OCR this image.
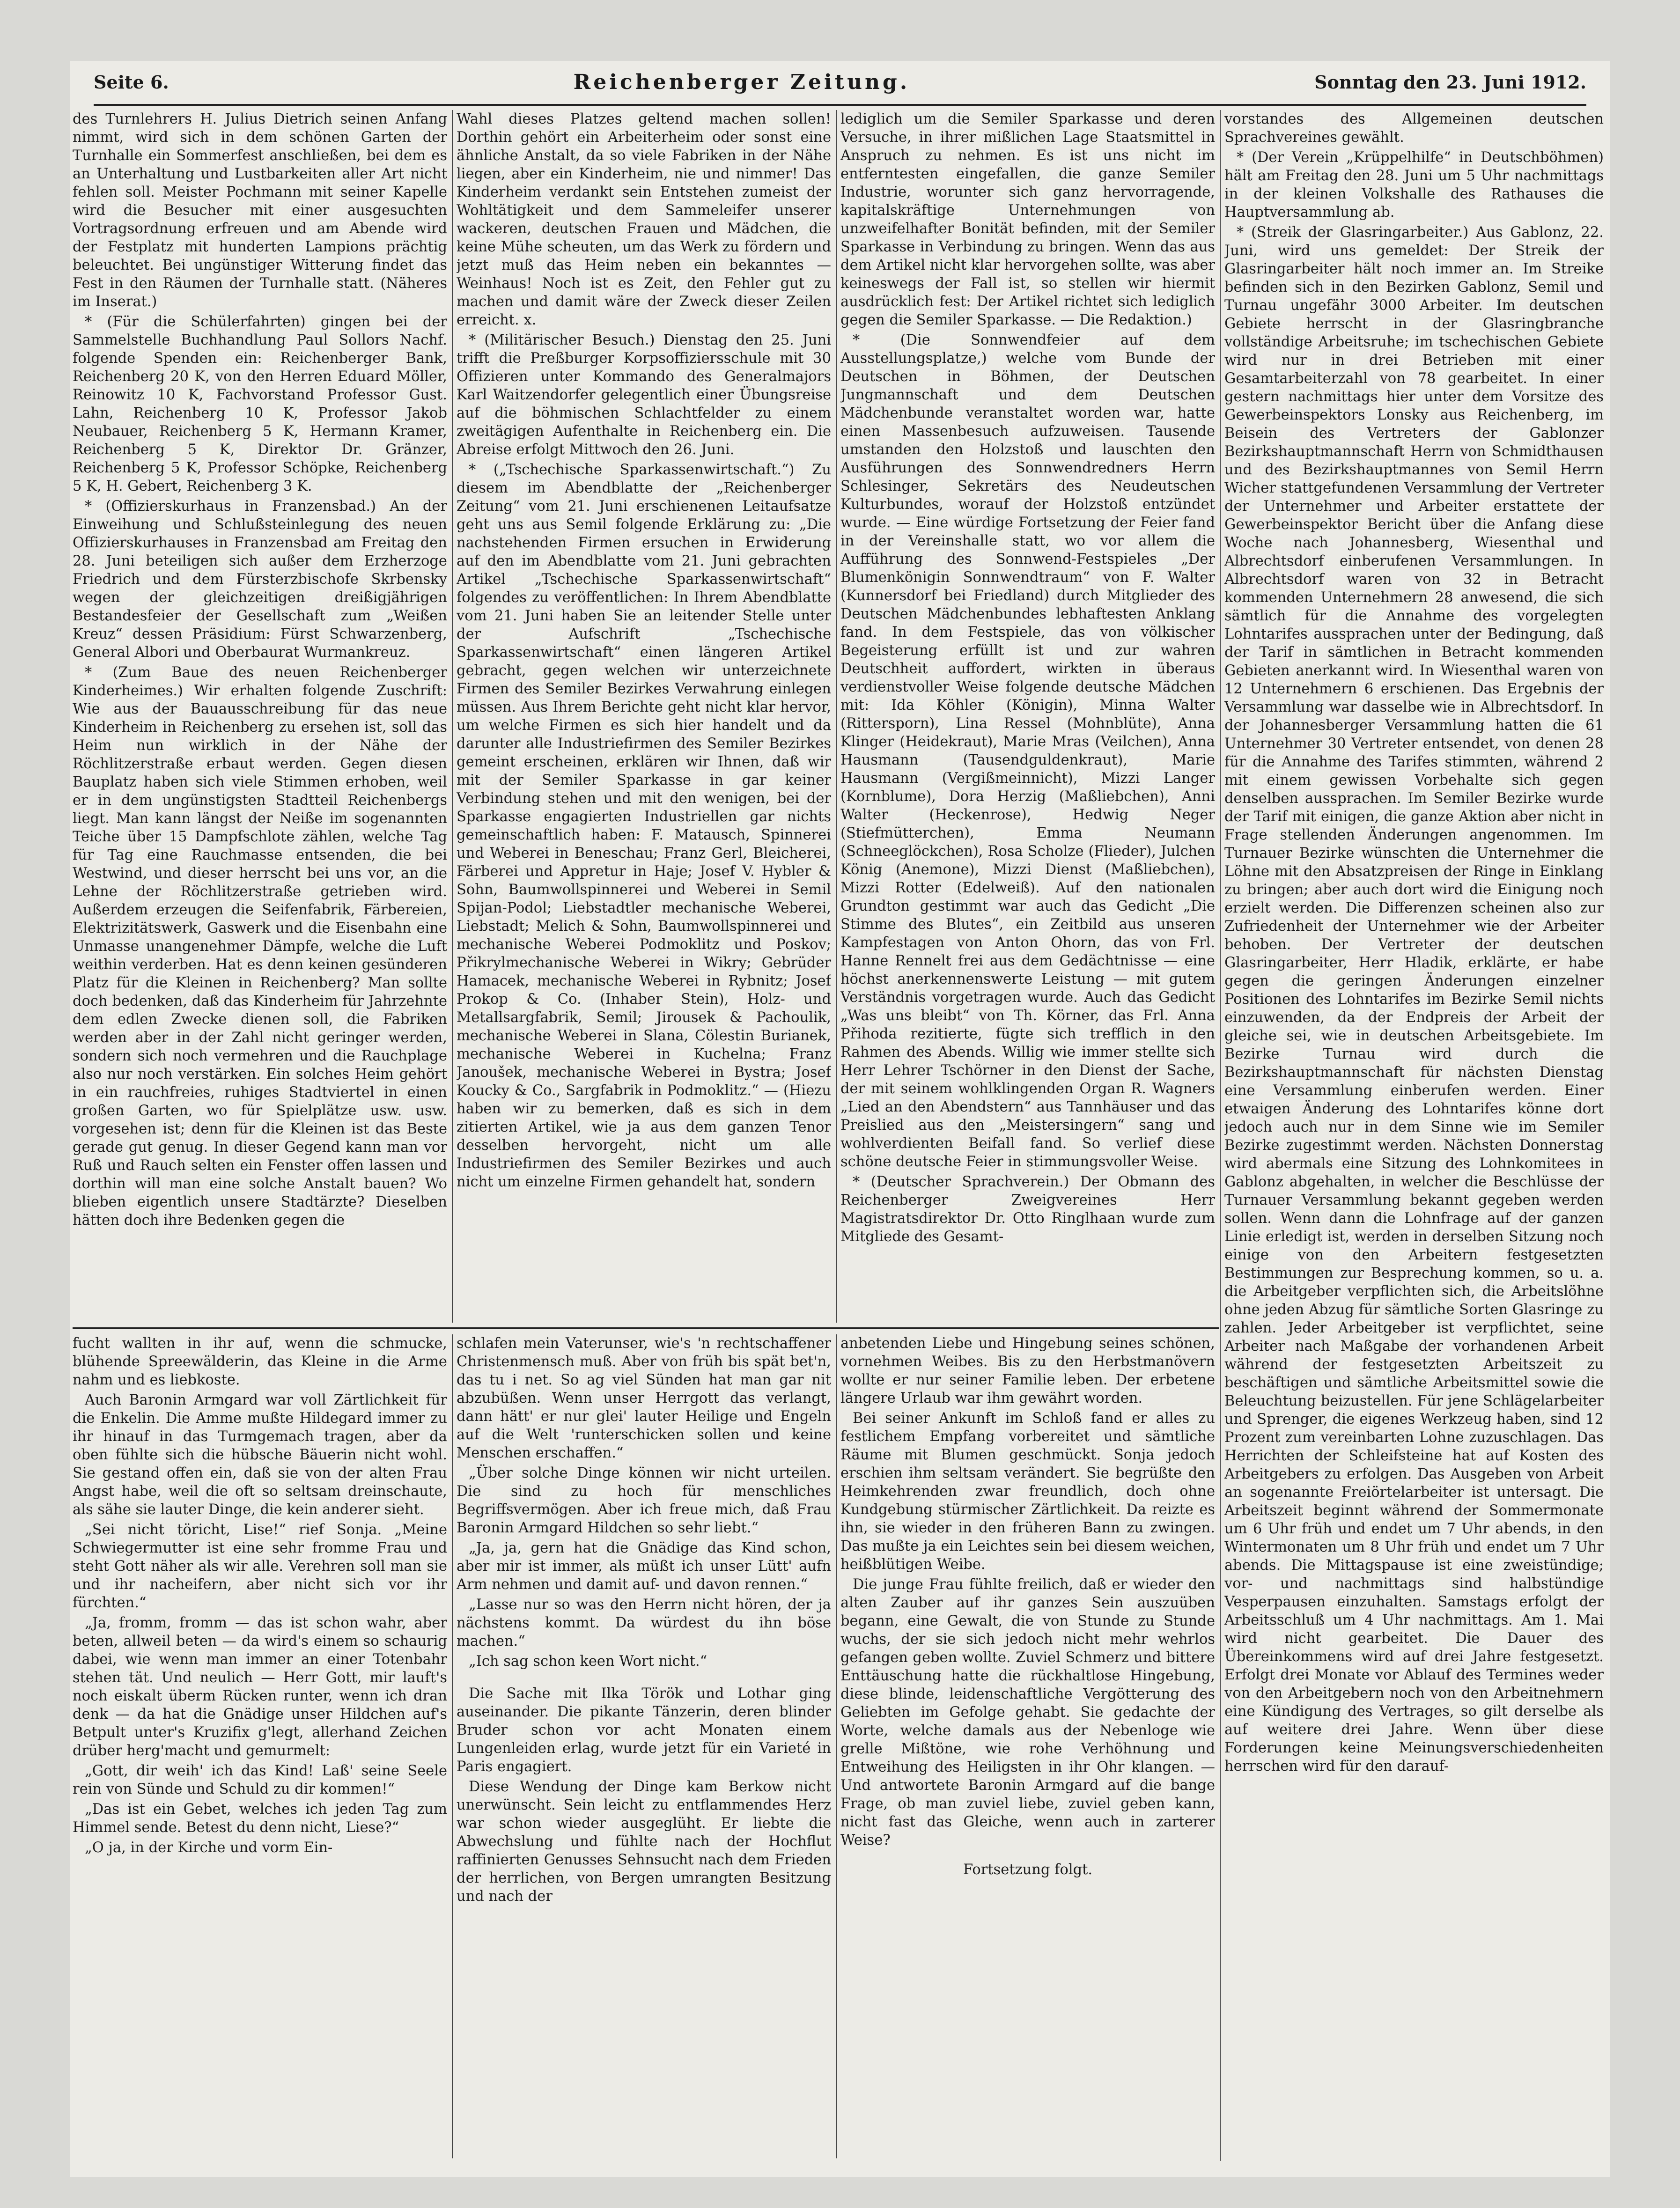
Seite 6.	Reichenberger Zeitung.	Sonntag den 23. Juni 1912.

des Turnlehrers H. Julius Dietrich seinen Anfang nimmt, wird sich in dem schönen Garten der Turnhalle ein Sommerfest anschließen, bei dem es an Unterhaltung und Lustbarkeiten aller Art nicht fehlen soll. Meister Pochmann mit seiner Kapelle wird die Besucher mit einer ausgesuchten Vortragsordnung erfreuen und am Abende wird der Festplatz mit hunderten Lampions prächtig beleuchtet. Bei ungünstiger Witterung findet das Fest in den Räumen der Turnhalle statt. (Näheres im Inserat.)

* (Für die Schülerfahrten) gingen bei der Sammelstelle Buchhandlung Paul Sollors Nachf. folgende Spenden ein: Reichenberger Bank, Reichenberg 20 K, von den Herren Eduard Möller, Reinowitz 10 K, Fachvorstand Professor Gust. Lahn, Reichenberg 10 K, Professor Jakob Neubauer, Reichenberg 5 K, Hermann Kramer, Reichenberg 5 K, Direktor Dr. Gränzer, Reichenberg 5 K, Professor Schöpke, Reichenberg 5 K, H. Gebert, Reichenberg 3 K.

* (Offizierskurhaus in Franzensbad.) An der Einweihung und Schlußsteinlegung des neuen Offizierskurhauses in Franzensbad am Freitag den 28. Juni beteiligen sich außer dem Erzherzoge Friedrich und dem Fürsterzbischofe Skrbensky wegen der gleichzeitigen dreißigjährigen Bestandesfeier der Gesellschaft zum „Weißen Kreuz“ dessen Präsidium: Fürst Schwarzenberg, General Albori und Oberbaurat Wurmankreuz.

* (Zum Baue des neuen Reichenberger Kinderheimes.) Wir erhalten folgende Zuschrift: Wie aus der Bauausschreibung für das neue Kinderheim in Reichenberg zu ersehen ist, soll das Heim nun wirklich in der Nähe der Röchlitzerstraße erbaut werden. Gegen diesen Bauplatz haben sich viele Stimmen erhoben, weil er in dem ungünstigsten Stadtteil Reichenbergs liegt. Man kann längst der Neiße im sogenannten Teiche über 15 Dampfschlote zählen, welche Tag für Tag eine Rauchmasse entsenden, die bei Westwind, und dieser herrscht bei uns vor, an die Lehne der Röchlitzerstraße getrieben wird. Außerdem erzeugen die Seifenfabrik, Färbereien, Elektrizitätswerk, Gaswerk und die Eisenbahn eine Unmasse unangenehmer Dämpfe, welche die Luft weithin verderben. Hat es denn keinen gesünderen Platz für die Kleinen in Reichenberg? Man sollte doch bedenken, daß das Kinderheim für Jahrzehnte dem edlen Zwecke dienen soll, die Fabriken werden aber in der Zahl nicht geringer werden, sondern sich noch vermehren und die Rauchplage also nur noch verstärken. Ein solches Heim gehört in ein rauchfreies, ruhiges Stadtviertel in einen großen Garten, wo für Spielplätze usw. usw. vorgesehen ist; denn für die Kleinen ist das Beste gerade gut genug. In dieser Gegend kann man vor Ruß und Rauch selten ein Fenster offen lassen und dorthin will man eine solche Anstalt bauen? Wo blieben eigentlich unsere Stadtärzte? Dieselben hätten doch ihre Bedenken gegen die

Wahl dieses Platzes geltend machen sollen! Dorthin gehört ein Arbeiterheim oder sonst eine ähnliche Anstalt, da so viele Fabriken in der Nähe liegen, aber ein Kinderheim, nie und nimmer! Das Kinderheim verdankt sein Entstehen zumeist der Wohltätigkeit und dem Sammeleifer unserer wackeren, deutschen Frauen und Mädchen, die keine Mühe scheuten, um das Werk zu fördern und jetzt muß das Heim neben ein bekanntes — Weinhaus! Noch ist es Zeit, den Fehler gut zu machen und damit wäre der Zweck dieser Zeilen erreicht. x.

* (Militärischer Besuch.) Dienstag den 25. Juni trifft die Preßburger Korpsoffiziersschule mit 30 Offizieren unter Kommando des Generalmajors Karl Waitzendorfer gelegentlich einer Übungsreise auf die böhmischen Schlachtfelder zu einem zweitägigen Aufenthalte in Reichenberg ein. Die Abreise erfolgt Mittwoch den 26. Juni.

* („Tschechische Sparkassenwirtschaft.“) Zu diesem im Abendblatte der „Reichenberger Zeitung“ vom 21. Juni erschienenen Leitaufsatze geht uns aus Semil folgende Erklärung zu: „Die nachstehenden Firmen ersuchen in Erwiderung auf den im Abendblatte vom 21. Juni gebrachten Artikel „Tschechische Sparkassenwirtschaft“ folgendes zu veröffentlichen: In Ihrem Abendblatte vom 21. Juni haben Sie an leitender Stelle unter der Aufschrift „Tschechische Sparkassenwirtschaft“ einen längeren Artikel gebracht, gegen welchen wir unterzeichnete Firmen des Semiler Bezirkes Verwahrung einlegen müssen. Aus Ihrem Berichte geht nicht klar hervor, um welche Firmen es sich hier handelt und da darunter alle Industriefirmen des Semiler Bezirkes gemeint erscheinen, erklären wir Ihnen, daß wir mit der Semiler Sparkasse in gar keiner Verbindung stehen und mit den wenigen, bei der Sparkasse engagierten Industriellen gar nichts gemeinschaftlich haben: F. Matausch, Spinnerei und Weberei in Beneschau; Franz Gerl, Bleicherei, Färberei und Appretur in Haje; Josef V. Hybler & Sohn, Baumwollspinnerei und Weberei in Semil Spijan-Podol; Liebstadtler mechanische Weberei, Liebstadt; Melich & Sohn, Baumwollspinnerei und mechanische Weberei Podmoklitz und Poskov; Přikrylmechanische Weberei in Wikry; Gebrüder Hamacek, mechanische Weberei in Rybnitz; Josef Prokop & Co. (Inhaber Stein), Holz- und Metallsargfabrik, Semil; Jirousek & Pachoulik, mechanische Weberei in Slana, Cölestin Burianek, mechanische Weberei in Kuchelna; Franz Janoušek, mechanische Weberei in Bystra; Josef Koucky & Co., Sargfabrik in Podmoklitz.“ — (Hiezu haben wir zu bemerken, daß es sich in dem zitierten Artikel, wie ja aus dem ganzen Tenor desselben hervorgeht, nicht um alle Industriefirmen des Semiler Bezirkes und auch nicht um einzelne Firmen gehandelt hat, sondern

lediglich um die Semiler Sparkasse und deren Versuche, in ihrer mißlichen Lage Staatsmittel in Anspruch zu nehmen. Es ist uns nicht im entferntesten eingefallen, die ganze Semiler Industrie, worunter sich ganz hervorragende, kapitalskräftige Unternehmungen von unzweifelhafter Bonität befinden, mit der Semiler Sparkasse in Verbindung zu bringen. Wenn das aus dem Artikel nicht klar hervorgehen sollte, was aber keineswegs der Fall ist, so stellen wir hiermit ausdrücklich fest: Der Artikel richtet sich lediglich gegen die Semiler Sparkasse. — Die Redaktion.)

* (Die Sonnwendfeier auf dem Ausstellungsplatze,) welche vom Bunde der Deutschen in Böhmen, der Deutschen Jungmannschaft und dem Deutschen Mädchenbunde veranstaltet worden war, hatte einen Massenbesuch aufzuweisen. Tausende umstanden den Holzstoß und lauschten den Ausführungen des Sonnwendredners Herrn Schlesinger, Sekretärs des Neudeutschen Kulturbundes, worauf der Holzstoß entzündet wurde. — Eine würdige Fortsetzung der Feier fand in der Vereinshalle statt, wo vor allem die Aufführung des Sonnwend-Festspieles „Der Blumenkönigin Sonnwendtraum“ von F. Walter (Kunnersdorf bei Friedland) durch Mitglieder des Deutschen Mädchenbundes lebhaftesten Anklang fand. In dem Festspiele, das von völkischer Begeisterung erfüllt ist und zur wahren Deutschheit auffordert, wirkten in überaus verdienstvoller Weise folgende deutsche Mädchen mit: Ida Köhler (Königin), Minna Walter (Rittersporn), Lina Ressel (Mohnblüte), Anna Klinger (Heidekraut), Marie Mras (Veilchen), Anna Hausmann (Tausendguldenkraut), Marie Hausmann (Vergißmeinnicht), Mizzi Langer (Kornblume), Dora Herzig (Maßliebchen), Anni Walter (Heckenrose), Hedwig Neger (Stiefmütterchen), Emma Neumann (Schneeglöckchen), Rosa Scholze (Flieder), Julchen König (Anemone), Mizzi Dienst (Maßliebchen), Mizzi Rotter (Edelweiß). Auf den nationalen Grundton gestimmt war auch das Gedicht „Die Stimme des Blutes“, ein Zeitbild aus unseren Kampfestagen von Anton Ohorn, das von Frl. Hanne Rennelt frei aus dem Gedächtnisse — eine höchst anerkennenswerte Leistung — mit gutem Verständnis vorgetragen wurde. Auch das Gedicht „Was uns bleibt“ von Th. Körner, das Frl. Anna Přihoda rezitierte, fügte sich trefflich in den Rahmen des Abends. Willig wie immer stellte sich Herr Lehrer Tschörner in den Dienst der Sache, der mit seinem wohlklingenden Organ R. Wagners „Lied an den Abendstern“ aus Tannhäuser und das Preislied aus den „Meistersingern“ sang und wohlverdienten Beifall fand. So verlief diese schöne deutsche Feier in stimmungsvoller Weise.

* (Deutscher Sprachverein.) Der Obmann des Reichenberger Zweigvereines Herr Magistratsdirektor Dr. Otto Ringlhaan wurde zum Mitgliede des Gesamt-

vorstandes des Allgemeinen deutschen Sprachvereines gewählt.

* (Der Verein „Krüppelhilfe“ in Deutschböhmen) hält am Freitag den 28. Juni um 5 Uhr nachmittags in der kleinen Volkshalle des Rathauses die Hauptversammlung ab.

* (Streik der Glasringarbeiter.) Aus Gablonz, 22. Juni, wird uns gemeldet: Der Streik der Glasringarbeiter hält noch immer an. Im Streike befinden sich in den Bezirken Gablonz, Semil und Turnau ungefähr 3000 Arbeiter. Im deutschen Gebiete herrscht in der Glasringbranche vollständige Arbeitsruhe; im tschechischen Gebiete wird nur in drei Betrieben mit einer Gesamtarbeiterzahl von 78 gearbeitet. In einer gestern nachmittags hier unter dem Vorsitze des Gewerbeinspektors Lonsky aus Reichenberg, im Beisein des Vertreters der Gablonzer Bezirkshauptmannschaft Herrn von Schmidthausen und des Bezirkshauptmannes von Semil Herrn Wicher stattgefundenen Versammlung der Vertreter der Unternehmer und Arbeiter erstattete der Gewerbeinspektor Bericht über die Anfang diese Woche nach Johannesberg, Wiesenthal und Albrechtsdorf einberufenen Versammlungen. In Albrechtsdorf waren von 32 in Betracht kommenden Unternehmern 28 anwesend, die sich sämtlich für die Annahme des vorgelegten Lohntarifes aussprachen unter der Bedingung, daß der Tarif in sämtlichen in Betracht kommenden Gebieten anerkannt wird. In Wiesenthal waren von 12 Unternehmern 6 erschienen. Das Ergebnis der Versammlung war dasselbe wie in Albrechtsdorf. In der Johannesberger Versammlung hatten die 61 Unternehmer 30 Vertreter entsendet, von denen 28 für die Annahme des Tarifes stimmten, während 2 mit einem gewissen Vorbehalte sich gegen denselben aussprachen. Im Semiler Bezirke wurde der Tarif mit einigen, die ganze Aktion aber nicht in Frage stellenden Änderungen angenommen. Im Turnauer Bezirke wünschten die Unternehmer die Löhne mit den Absatzpreisen der Ringe in Einklang zu bringen; aber auch dort wird die Einigung noch erzielt werden. Die Differenzen scheinen also zur Zufriedenheit der Unternehmer wie der Arbeiter behoben. Der Vertreter der deutschen Glasringarbeiter, Herr Hladik, erklärte, er habe gegen die geringen Änderungen einzelner Positionen des Lohntarifes im Bezirke Semil nichts einzuwenden, da der Endpreis der Arbeit der gleiche sei, wie in deutschen Arbeitsgebiete. Im Bezirke Turnau wird durch die Bezirkshauptmannschaft für nächsten Dienstag eine Versammlung einberufen werden. Einer etwaigen Änderung des Lohntarifes könne dort jedoch auch nur in dem Sinne wie im Semiler Bezirke zugestimmt werden. Nächsten Donnerstag wird abermals eine Sitzung des Lohnkomitees in Gablonz abgehalten, in welcher die Beschlüsse der Turnauer Versammlung bekannt gegeben werden sollen. Wenn dann die Lohnfrage auf der ganzen Linie erledigt ist, werden in derselben Sitzung noch einige von den Arbeitern festgesetzten Bestimmungen zur Besprechung kommen, so u. a. die Arbeitgeber verpflichten sich, die Arbeitslöhne ohne jeden Abzug für sämtliche Sorten Glasringe zu zahlen. Jeder Arbeitgeber ist verpflichtet, seine Arbeiter nach Maßgabe der vorhandenen Arbeit während der festgesetzten Arbeitszeit zu beschäftigen und sämtliche Arbeitsmittel sowie die Beleuchtung beizustellen. Für jene Schlägelarbeiter und Sprenger, die eigenes Werkzeug haben, sind 12 Prozent zum vereinbarten Lohne zuzuschlagen. Das Herrichten der Schleifsteine hat auf Kosten des Arbeitgebers zu erfolgen. Das Ausgeben von Arbeit an sogenannte Freiörtelarbeiter ist untersagt. Die Arbeitszeit beginnt während der Sommermonate um 6 Uhr früh und endet um 7 Uhr abends, in den Wintermonaten um 8 Uhr früh und endet um 7 Uhr abends. Die Mittagspause ist eine zweistündige; vor- und nachmittags sind halbstündige Vesperpausen einzuhalten. Samstags erfolgt der Arbeitsschluß um 4 Uhr nachmittags. Am 1. Mai wird nicht gearbeitet. Die Dauer des Übereinkommens wird auf drei Jahre festgesetzt. Erfolgt drei Monate vor Ablauf des Termines weder von den Arbeitgebern noch von den Arbeitnehmern eine Kündigung des Vertrages, so gilt derselbe als auf weitere drei Jahre. Wenn über diese Forderungen keine Meinungsverschiedenheiten herrschen wird für den darauf-

fucht wallten in ihr auf, wenn die schmucke, blühende Spreewälderin, das Kleine in die Arme nahm und es liebkoste.

Auch Baronin Armgard war voll Zärtlichkeit für die Enkelin. Die Amme mußte Hildegard immer zu ihr hinauf in das Turmgemach tragen, aber da oben fühlte sich die hübsche Bäuerin nicht wohl. Sie gestand offen ein, daß sie von der alten Frau Angst habe, weil die oft so seltsam dreinschaute, als sähe sie lauter Dinge, die kein anderer sieht.

„Sei nicht töricht, Lise!“ rief Sonja. „Meine Schwiegermutter ist eine sehr fromme Frau und steht Gott näher als wir alle. Verehren soll man sie und ihr nacheifern, aber nicht sich vor ihr fürchten.“

„Ja, fromm, fromm — das ist schon wahr, aber beten, allweil beten — da wird's einem so schaurig dabei, wie wenn man immer an einer Totenbahr stehen tät. Und neulich — Herr Gott, mir lauft's noch eiskalt überm Rücken runter, wenn ich dran denk — da hat die Gnädige unser Hildchen auf's Betpult unter's Kruzifix g'legt, allerhand Zeichen drüber herg'macht und gemurmelt:

„Gott, dir weih' ich das Kind! Laß' seine Seele rein von Sünde und Schuld zu dir kommen!“

„Das ist ein Gebet, welches ich jeden Tag zum Himmel sende. Betest du denn nicht, Liese?“

„O ja, in der Kirche und vorm Ein-

schlafen mein Vaterunser, wie's 'n rechtschaffener Christenmensch muß. Aber von früh bis spät bet'n, das tu i net. So ag viel Sünden hat man gar nit abzubüßen. Wenn unser Herrgott das verlangt, dann hätt' er nur glei' lauter Heilige und Engeln auf die Welt 'runterschicken sollen und keine Menschen erschaffen.“

„Über solche Dinge können wir nicht urteilen. Die sind zu hoch für menschliches Begriffsvermögen. Aber ich freue mich, daß Frau Baronin Armgard Hildchen so sehr liebt.“

„Ja, ja, gern hat die Gnädige das Kind schon, aber mir ist immer, als müßt ich unser Lütt' aufn Arm nehmen und damit auf- und davon rennen.“

„Lasse nur so was den Herrn nicht hören, der ja nächstens kommt. Da würdest du ihn böse machen.“

„Ich sag schon keen Wort nicht.“

Die Sache mit Ilka Török und Lothar ging auseinander. Die pikante Tänzerin, deren blinder Bruder schon vor acht Monaten einem Lungenleiden erlag, wurde jetzt für ein Varieté in Paris engagiert.

Diese Wendung der Dinge kam Berkow nicht unerwünscht. Sein leicht zu entflammendes Herz war schon wieder ausgeglüht. Er liebte die Abwechslung und fühlte nach der Hochflut raffinierten Genusses Sehnsucht nach dem Frieden der herrlichen, von Bergen umrangten Besitzung und nach der

anbetenden Liebe und Hingebung seines schönen, vornehmen Weibes. Bis zu den Herbstmanövern wollte er nur seiner Familie leben. Der erbetene längere Urlaub war ihm gewährt worden.

Bei seiner Ankunft im Schloß fand er alles zu festlichem Empfang vorbereitet und sämtliche Räume mit Blumen geschmückt. Sonja jedoch erschien ihm seltsam verändert. Sie begrüßte den Heimkehrenden zwar freundlich, doch ohne Kundgebung stürmischer Zärtlichkeit. Da reizte es ihn, sie wieder in den früheren Bann zu zwingen. Das mußte ja ein Leichtes sein bei diesem weichen, heißblütigen Weibe.

Die junge Frau fühlte freilich, daß er wieder den alten Zauber auf ihr ganzes Sein auszuüben begann, eine Gewalt, die von Stunde zu Stunde wuchs, der sie sich jedoch nicht mehr wehrlos gefangen geben wollte. Zuviel Schmerz und bittere Enttäuschung hatte die rückhaltlose Hingebung, diese blinde, leidenschaftliche Vergötterung des Geliebten im Gefolge gehabt. Sie gedachte der Worte, welche damals aus der Nebenloge wie grelle Mißtöne, wie rohe Verhöhnung und Entweihung des Heiligsten in ihr Ohr klangen. — Und antwortete Baronin Armgard auf die bange Frage, ob man zuviel liebe, zuviel geben kann, nicht fast das Gleiche, wenn auch in zarterer Weise?

Fortsetzung folgt.
